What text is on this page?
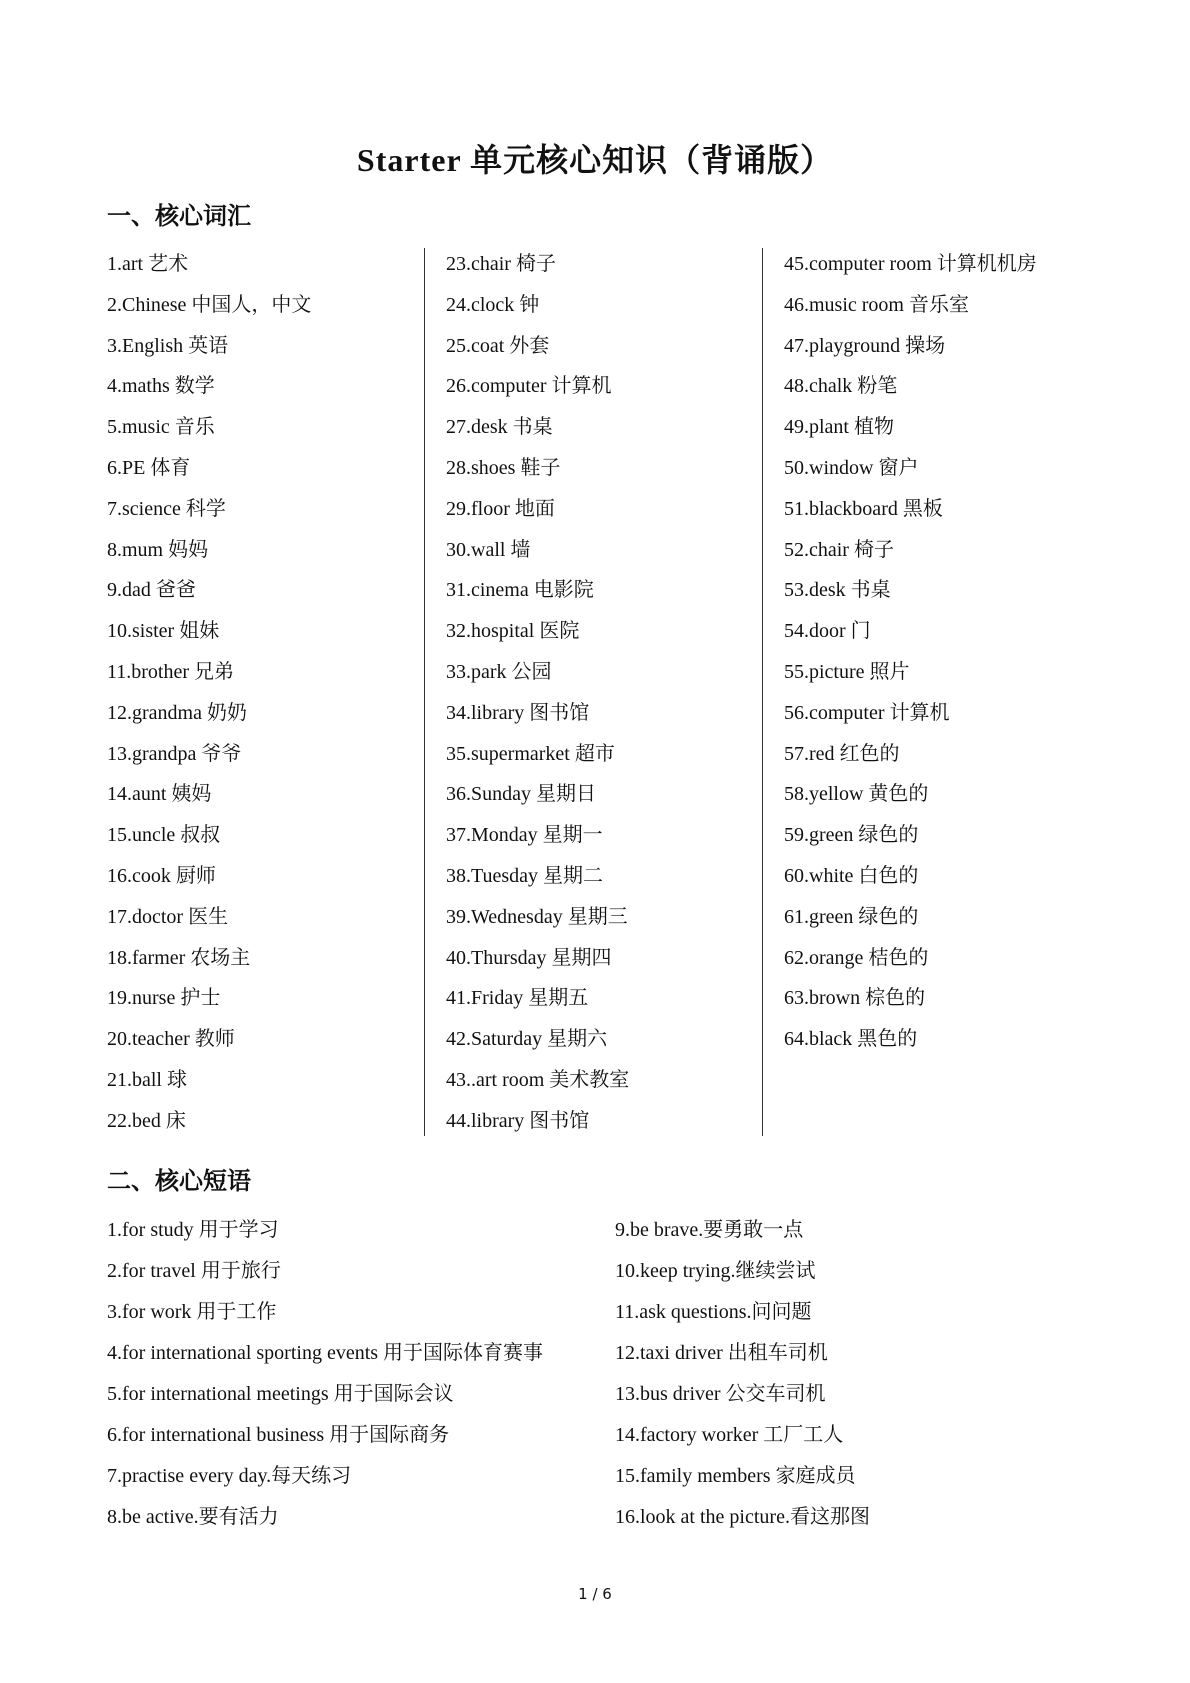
Starter 单元核心知识（背诵版）
一、核心词汇
1.art 艺术
2.Chinese 中国人，中文
3.English 英语
4.maths 数学
5.music 音乐
6.PE 体育
7.science 科学
8.mum 妈妈
9.dad 爸爸
10.sister 姐妹
11.brother 兄弟
12.grandma 奶奶
13.grandpa 爷爷
14.aunt 姨妈
15.uncle 叔叔
16.cook 厨师
17.doctor 医生
18.farmer 农场主
19.nurse 护士
20.teacher 教师
21.ball 球
22.bed 床
23.chair 椅子
24.clock 钟
25.coat 外套
26.computer 计算机
27.desk 书桌
28.shoes 鞋子
29.floor 地面
30.wall 墙
31.cinema 电影院
32.hospital 医院
33.park 公园
34.library 图书馆
35.supermarket 超市
36.Sunday 星期日
37.Monday 星期一
38.Tuesday 星期二
39.Wednesday 星期三
40.Thursday 星期四
41.Friday 星期五
42.Saturday 星期六
43..art room 美术教室
44.library 图书馆
45.computer room 计算机机房
46.music room 音乐室
47.playground 操场
48.chalk 粉笔
49.plant 植物
50.window 窗户
51.blackboard 黑板
52.chair 椅子
53.desk 书桌
54.door 门
55.picture 照片
56.computer 计算机
57.red 红色的
58.yellow 黄色的
59.green 绿色的
60.white 白色的
61.green 绿色的
62.orange 桔色的
63.brown 棕色的
64.black 黑色的
二、核心短语
1.for study 用于学习
2.for travel 用于旅行
3.for work 用于工作
4.for international sporting events 用于国际体育赛事
5.for international meetings 用于国际会议
6.for international business 用于国际商务
7.practise every day.每天练习
8.be active.要有活力
9.be brave.要勇敢一点
10.keep trying.继续尝试
11.ask questions.问问题
12.taxi driver 出租车司机
13.bus driver 公交车司机
14.factory worker 工厂工人
15.family members 家庭成员
16.look at the picture.看这那图
1 / 6
